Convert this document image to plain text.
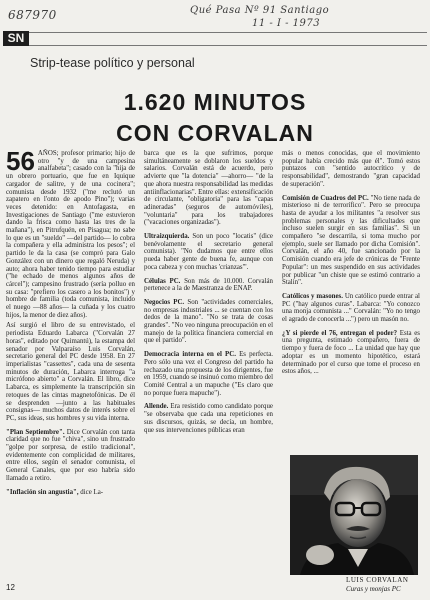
687970	Qué Pasa Nº 91 Santiago
11 - I - 1973
SN
Strip-tease político y personal
1.620 MINUTOS
CON CORVALAN

56 AÑOS; profesor primario; hijo de otro "y de una campesina analfabeta"; casado con la "hija de un obrero portuario, que fue en Iquique cargador de salitre, y de una cocinera"; comunista desde 1932 ("me reclutó un zapatero en l'onto de apodo Pino"); varias veces detenido: en Antofagasta, en Investigaciones de Santiago ("me estuvieron dando la frisca como hasta las tres de la mañana"), en Pitrufquén, en Pisagua; no sabe lo que es un "sueldo" —del partido— lo cobra la compañera y ella administra los pesos"; el partido le da la casa (se compró para Galo González con un dinero que regaló Neruda) y auto; ahora haber tenido tiempo para estudiar ("he echado de menos algunos años de cárcel"); campesino frustrado (sería polluo en su casa: "prefiero los casero a los bonitos") y hombre de familia (toda comunista, incluido el nuego —88 años— la cuñada y los cuatro hijos, la menor de diez años).

Así surgió el libro de su entrevistado, el periodista Eduardo Labarca ("Corvalán 27 horas", editado por Quimantú), la estampa del senador por Valparaíso Luis Corvalán, secretario general del PC desde 1958. En 27 imperialistas "cassettes", cada una de sesenta minutos de duración, Labarca interroga "a micrófono abierto" a Corvalán. El libro, dice Labarca, es simplemente la transcripción sin retoques de las cintas magnetofónicas. De él se desprenden —junto a las habituales consignas— muchos datos de interés sobre el PC, sus ideas, sus hombres y su vida interna.

"Plan Septiembre". Dice Corvalán con tanta claridad que no fue "chiva", sino un frustrado "golpe por sorpresa, de estilo tradicional", evidentemente con complicidad de militares, entre ellos, según el senador comunista, el General Canales, que por eso habría sido llamado a retiro.

"Inflación sin angustia", dice La-

barca que es la que sufrimos, porque simultáneamente se doblaron los sueldos y salarios. Corvalán está de acuerdo, pero advierte que "la dotencia" —ahorro— "de la que ahora nuestra responsabilidad las medidas antiinflacionarias". Entre ellas: extensificación de circulante, "obligatoria" para las "capas adineradas" (seguros de automóviles), "voluntaria" para los trabajadores ("vacaciones organizadas").

Ultraizquierda. Son un poco "locatis" (dice benévolamente el secretario general comunista). "No dudamos que entre ellos pueda haber gente de buena fe, aunque con poca cabeza y con muchas 'crianzas'".

Células PC. Son más de 10.000. Corvalán pertenece a la de Maestranza de ENAP.

Negocios PC. Son "actividades comerciales, no empresas industriales ... se cuentan con los dedos de la mano". "No se trata de cosas grandes". "No veo ninguna preocupación en el manejo de la política financiera comercial en que el partido".

Democracia interna en el PC. Es perfecta. Pero sólo una vez el Congreso del partido ha rechazado una propuesta de los dirigentes, fue en 1959, cuando se insinuó como miembro del Comité Central a un mapuche ("Es claro que no porque fuera mapuche").

Allende. Era resistido como candidato porque "se observaba que cada una repeticiones en sus discursos, quizás, se decía, un hombre, que sus intervenciones públicas eran

más o menos conocidas, que el movimiento popular había crecido más que él". Tomó estos puntazos con "sentido autocrítico y de responsabilidad", demostrando "gran capacidad de superación".

Comisión de Cuadros del PC. "No tiene nada de misterioso ni de terrorífico". Pero se preocupa hasta de ayudar a los militantes "a resolver sus problemas personales y las dificultades que incluso suelen surgir en sus familias". Si un compañero "se descarrila, si toma mucho por ejemplo, suele ser llamado por dicha Comisión". Corvalán, el año 40, fue sancionado por la Comisión cuando era jefe de crónicas de "Frente Popular": un mes suspendido en sus actividades por publicar "un chiste que se estimó contrario a Stalin".

Católicos y masones. Un católico puede entrar al PC ("hay algunos curas". Labarca: "Yo conozco una monja comunista ..." Corvalán: "Yo no tengo el agrado de conocerla ...") pero un masón no.

¿Y si pierde el 76, entregan el poder? Esta es una pregunta, estimado compañero, fuera de tiempo y fuera de foco ... La unidad que hay que adoptar es un momento hipotético, estará determinado por el curso que tome el proceso en estos años, ...

LUIS CORVALAN
Curas y monjas PC
12
